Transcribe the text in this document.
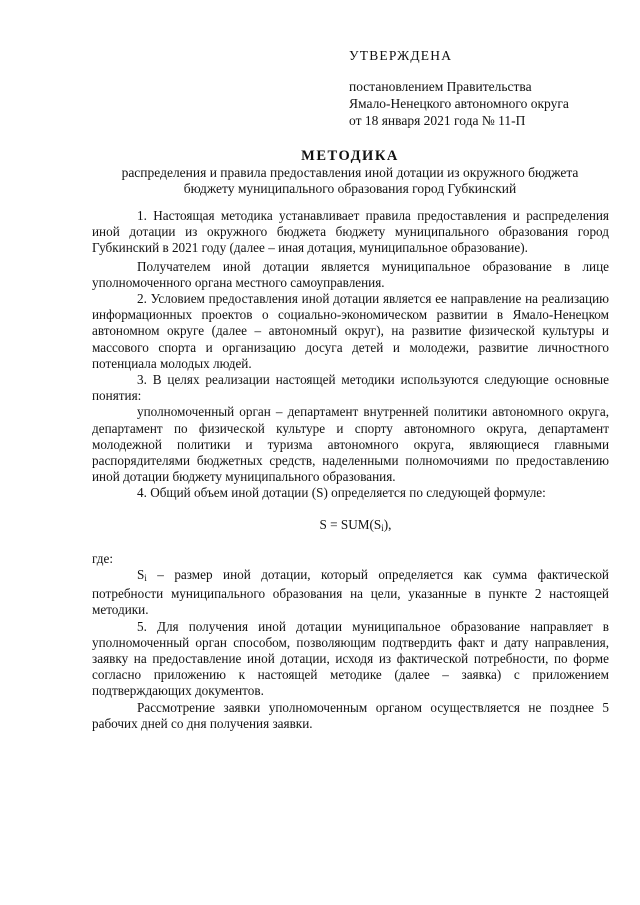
УТВЕРЖДЕНА
постановлением Правительства
Ямало-Ненецкого автономного округа
от 18 января 2021 года № 11-П
МЕТОДИКА
распределения и правила предоставления иной дотации из окружного бюджета
бюджету муниципального образования город Губкинский

1. Настоящая методика устанавливает правила предоставления и распределения иной дотации из окружного бюджета бюджету муниципального образования город Губкинский в 2021 году (далее – иная дотация, муниципальное образование).

Получателем иной дотации является муниципальное образование в лице уполномоченного органа местного самоуправления.

2. Условием предоставления иной дотации является ее направление на реализацию информационных проектов о социально-экономическом развитии в Ямало-Ненецком автономном округе (далее – автономный округ), на развитие физической культуры и массового спорта и организацию досуга детей и молодежи, развитие личностного потенциала молодых людей.

3. В целях реализации настоящей методики используются следующие основные понятия:

уполномоченный орган – департамент внутренней политики автономного округа, департамент по физической культуре и спорту автономного округа, департамент молодежной политики и туризма автономного округа, являющиеся главными распорядителями бюджетных средств, наделенными полномочиями по предоставлению иной дотации бюджету муниципального образования.

4. Общий объем иной дотации (S) определяется по следующей формуле:

$S = SUM(S_i)$,

где:

$S_i$ – размер иной дотации, который определяется как сумма фактической потребности муниципального образования на цели, указанные в пункте 2 настоящей методики.

5. Для получения иной дотации муниципальное образование направляет в уполномоченный орган способом, позволяющим подтвердить факт и дату направления, заявку на предоставление иной дотации, исходя из фактической потребности, по форме согласно приложению к настоящей методике (далее – заявка) с приложением подтверждающих документов.

Рассмотрение заявки уполномоченным органом осуществляется не позднее 5 рабочих дней со дня получения заявки.
